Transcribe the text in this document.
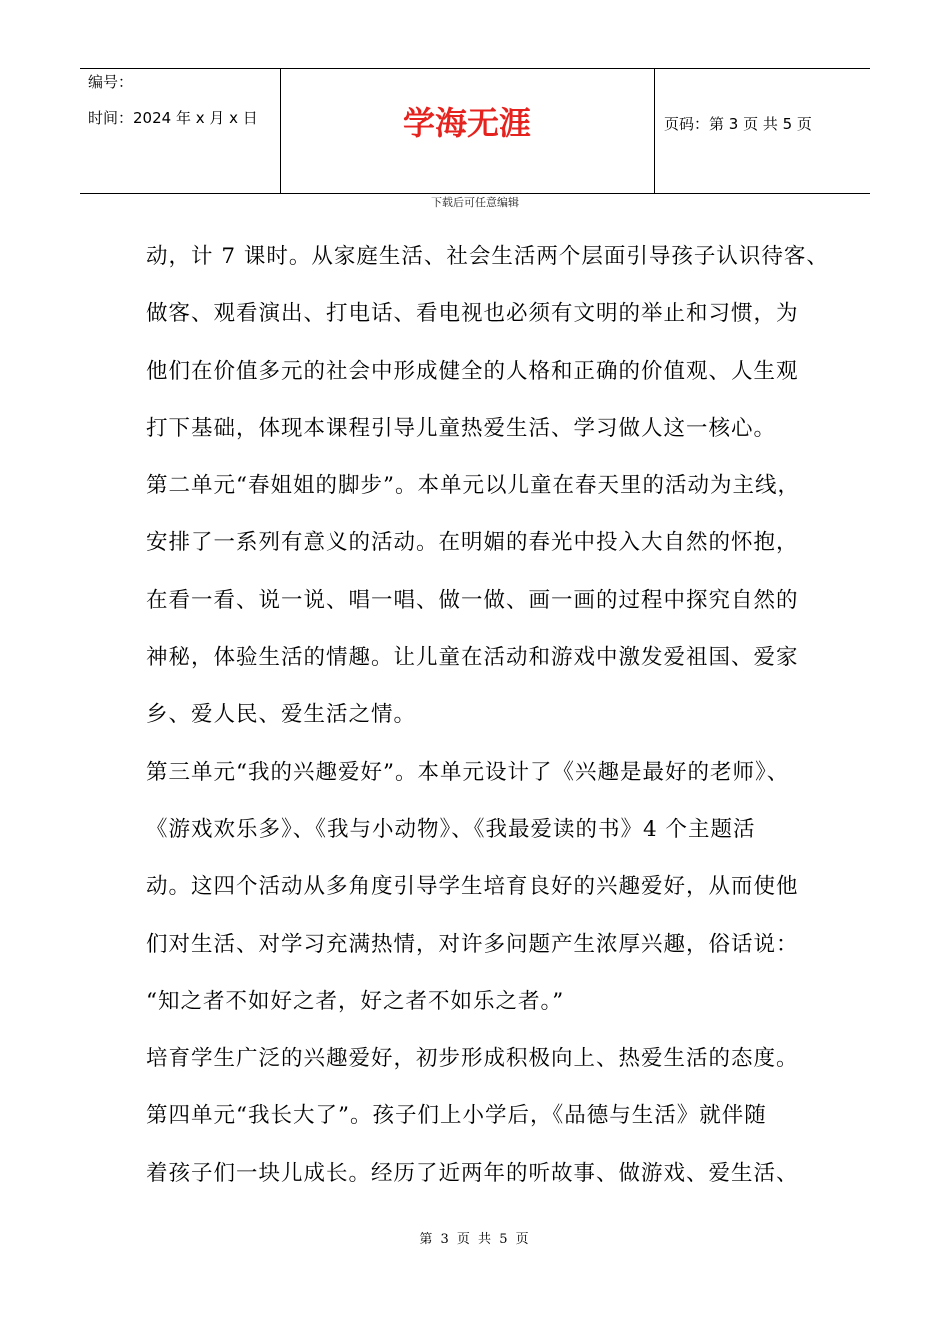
编号：
时间：2024 年 x 月 x 日	学海无涯	页码：第 3 页 共 5 页
下载后可任意编辑
动，计 7 课时。从家庭生活、社会生活两个层面引导孩子认识待客、
做客、观看演出、打电话、看电视也必须有文明的举止和习惯，为
他们在价值多元的社会中形成健全的人格和正确的价值观、人生观
打下基础，体现本课程引导儿童热爱生活、学习做人这一核心。
第二单元“春姐姐的脚步”。本单元以儿童在春天里的活动为主线，
安排了一系列有意义的活动。在明媚的春光中投入大自然的怀抱，
在看一看、说一说、唱一唱、做一做、画一画的过程中探究自然的
神秘，体验生活的情趣。让儿童在活动和游戏中激发爱祖国、爱家
乡、爱人民、爱生活之情。
第三单元“我的兴趣爱好”。本单元设计了《兴趣是最好的老师》、
《游戏欢乐多》、《我与小动物》、《我最爱读的书》4 个主题活
动。这四个活动从多角度引导学生培育良好的兴趣爱好，从而使他
们对生活、对学习充满热情，对许多问题产生浓厚兴趣，俗话说：
“知之者不如好之者，好之者不如乐之者。”
培育学生广泛的兴趣爱好，初步形成积极向上、热爱生活的态度。
第四单元“我长大了”。孩子们上小学后，《品德与生活》就伴随
着孩子们一块儿成长。经历了近两年的听故事、做游戏、爱生活、
第 3 页 共 5 页
